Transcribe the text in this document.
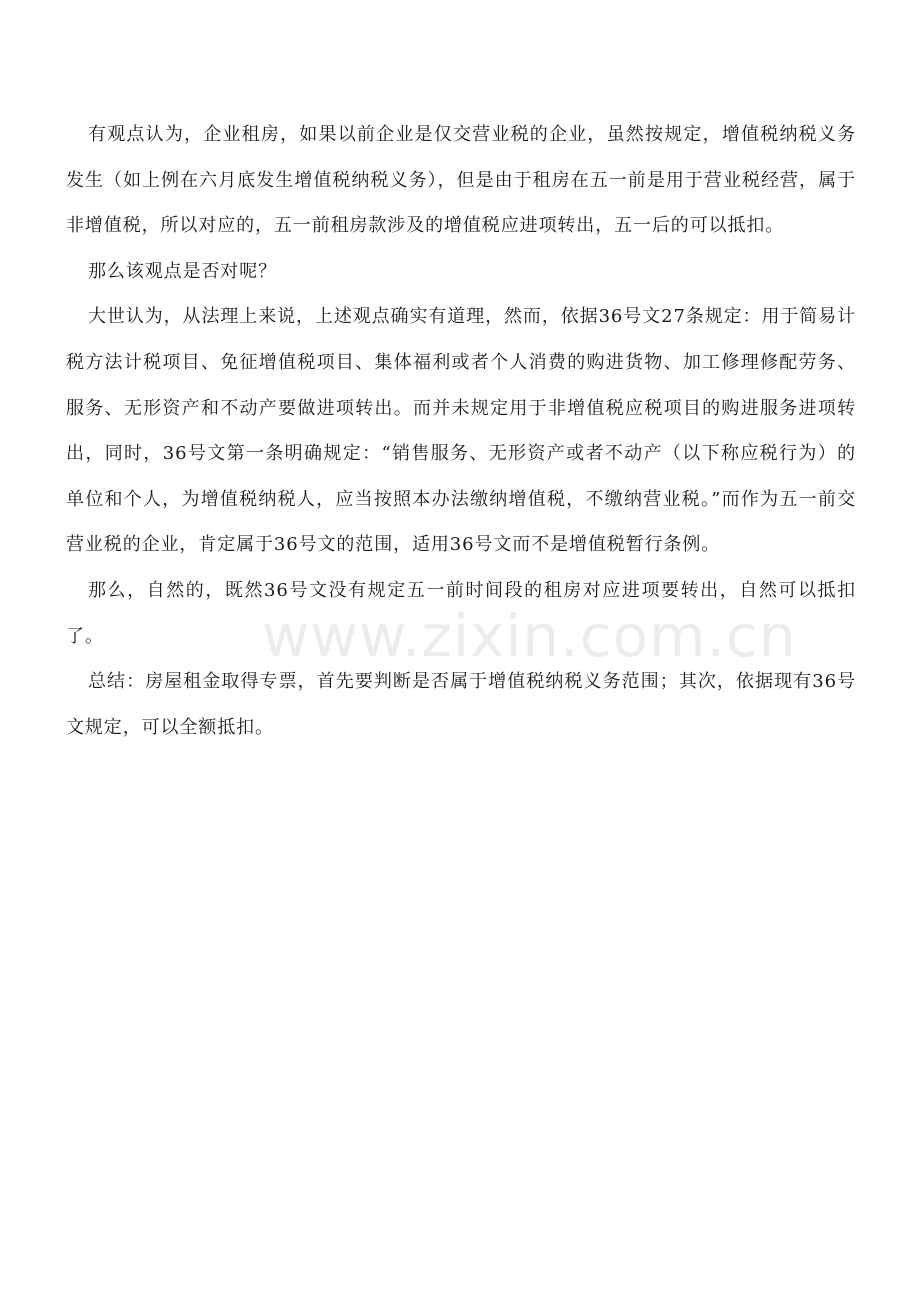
有观点认为，企业租房，如果以前企业是仅交营业税的企业，虽然按规定，增值税纳税义务发生（如上例在六月底发生增值税纳税义务），但是由于租房在五一前是用于营业税经营，属于非增值税，所以对应的，五一前租房款涉及的增值税应进项转出，五一后的可以抵扣。

那么该观点是否对呢？

大世认为，从法理上来说，上述观点确实有道理，然而，依据36号文27条规定：用于简易计税方法计税项目、免征增值税项目、集体福利或者个人消费的购进货物、加工修理修配劳务、服务、无形资产和不动产要做进项转出。而并未规定用于非增值税应税项目的购进服务进项转出，同时，36号文第一条明确规定：“销售服务、无形资产或者不动产（以下称应税行为）的单位和个人，为增值税纳税人，应当按照本办法缴纳增值税，不缴纳营业税。”而作为五一前交营业税的企业，肯定属于36号文的范围，适用36号文而不是增值税暂行条例。

那么，自然的，既然36号文没有规定五一前时间段的租房对应进项要转出，自然可以抵扣了。

总结：房屋租金取得专票，首先要判断是否属于增值税纳税义务范围；其次，依据现有36号文规定，可以全额抵扣。

www.zixin.com.cn
